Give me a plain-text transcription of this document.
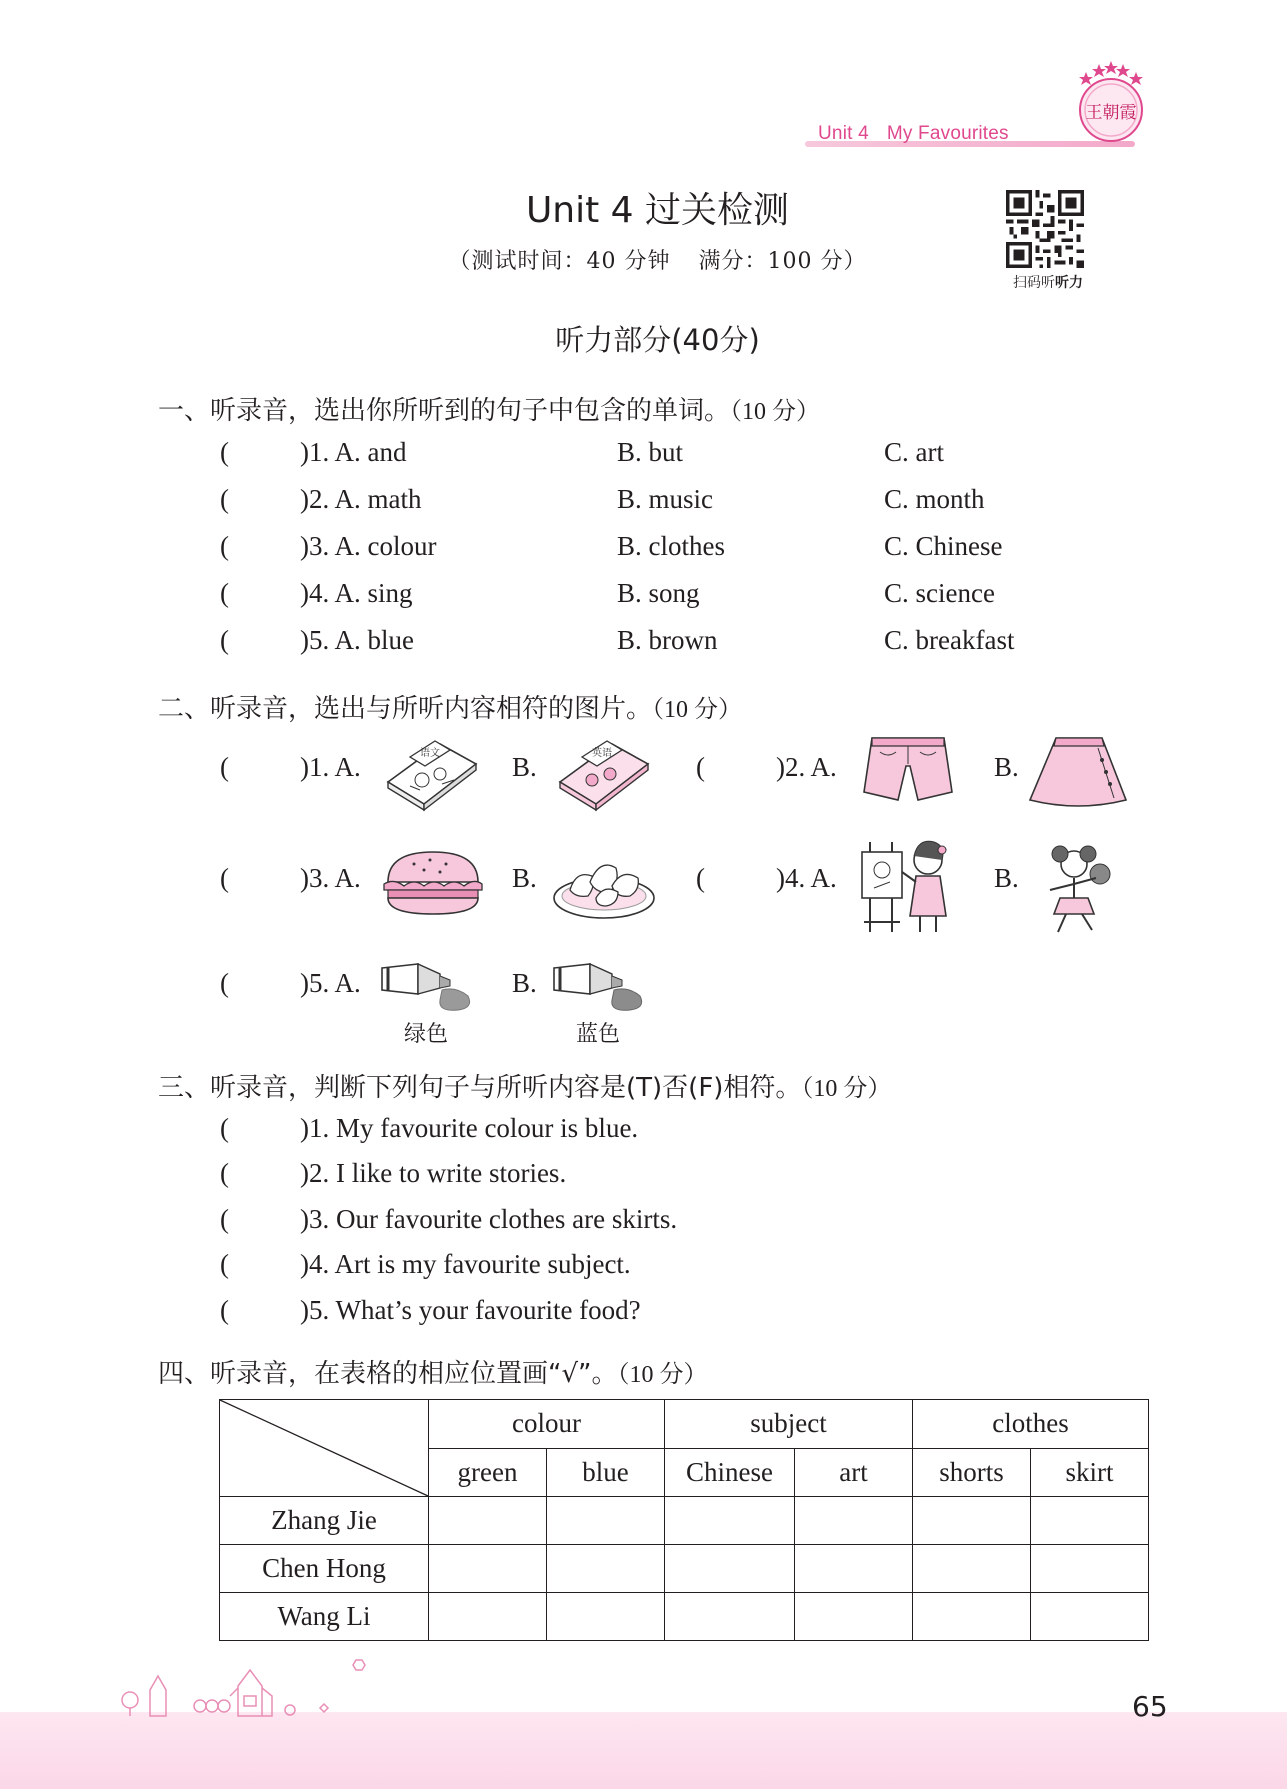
Unit 4 My Favourites
王朝霞
Unit 4 过关检测
（测试时间：40 分钟 满分：100 分）
扫码听听力
听力部分(40分)
一、听录音，选出你所听到的句子中包含的单词。（10 分）
(	)1. A. and	B. but	C. art
(	)2. A. math	B. music	C. month
(	)3. A. colour	B. clothes	C. Chinese
(	)4. A. sing	B. song	C. science
(	)5. A. blue	B. brown	C. breakfast
二、听录音，选出与所听内容相符的图片。（10 分）
(	)1. A.	语文	B.	英语	(	)2. A.	B.
(	)3. A.	B.	(	)4. A.	B.
(	)5. A.	B.
绿色	蓝色
三、听录音，判断下列句子与所听内容是(T)否(F)相符。（10 分）
(	)1. My favourite colour is blue.
(	)2. I like to write stories.
(	)3. Our favourite clothes are skirts.
(	)4. Art is my favourite subject.
(	)5. What’s your favourite food?
四、听录音，在表格的相应位置画“√”。（10 分）
	colour		subject		clothes	
	green	blue	Chinese	art	shorts	skirt
Zhang Jie						
Chen Hong						
Wang Li						
65
